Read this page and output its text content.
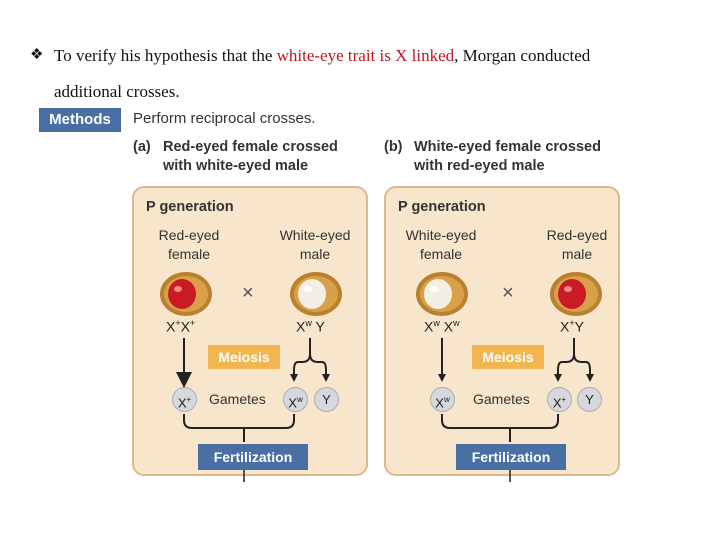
❖ To verify his hypothesis that the white-eye trait is X linked, Morgan conducted
additional crosses.
Methods	Perform reciprocal crosses.
(a) Red-eyed female crossed
with white-eyed male
(b) White-eyed female crossed
with red-eyed male
P generation
Red-eyed
female
White-eyed
male
×
X+X+	$X^w$ Y
Meiosis
X+	Gametes	$X^w$	Y
Fertilization
P generation
White-eyed
female
Red-eyed
male
×
$X^w$ $X^w$	X+Y
Meiosis
$X^w$	Gametes	X+	Y
Fertilization
